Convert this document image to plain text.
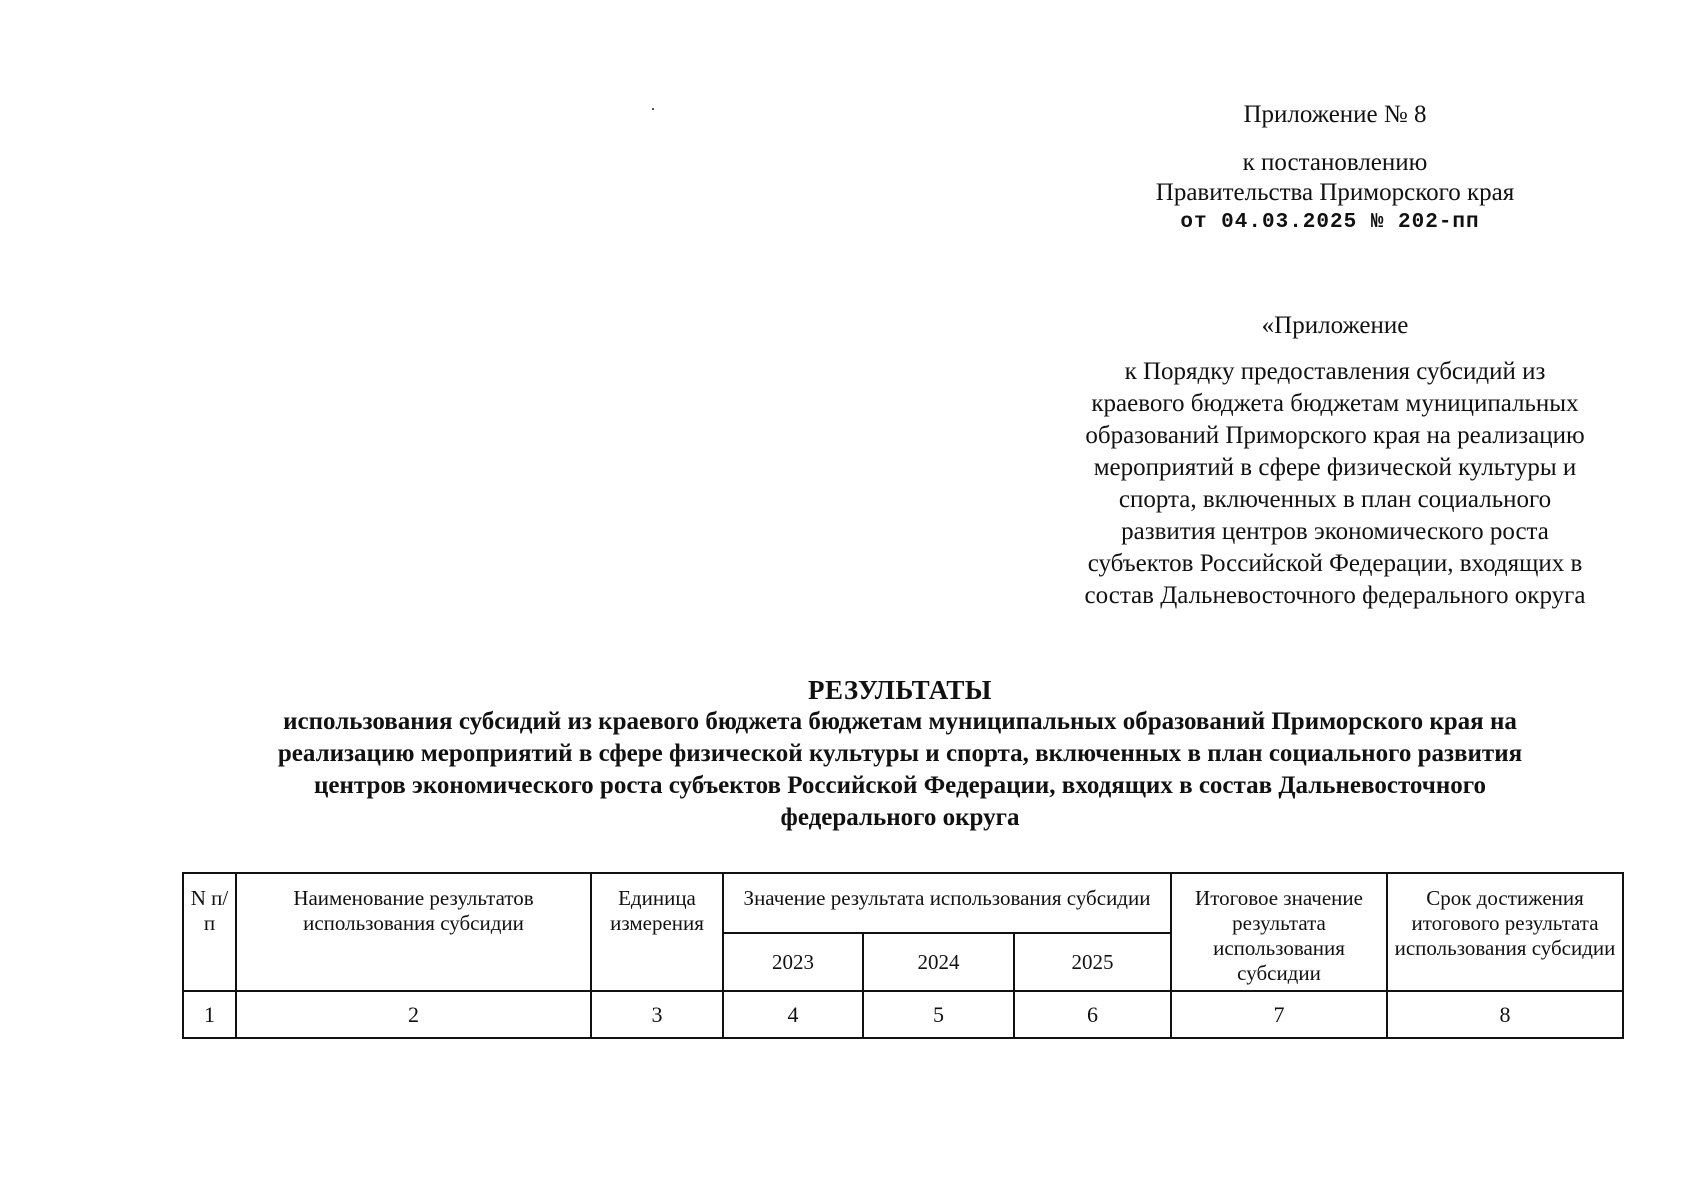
Приложение № 8
к постановлению
Правительства Приморского края
от 04.03.2025 № 202-пп
«Приложение
к Порядку предоставления субсидий из
краевого бюджета бюджетам муниципальных
образований Приморского края на реализацию
мероприятий в сфере физической культуры и
спорта, включенных в план социального
развития центров экономического роста
субъектов Российской Федерации, входящих в
состав Дальневосточного федерального округа
РЕЗУЛЬТАТЫ
использования субсидий из краевого бюджета бюджетам муниципальных образований Приморского края на
реализацию мероприятий в сфере физической культуры и спорта, включенных в план социального развития
центров экономического роста субъектов Российской Федерации, входящих в состав Дальневосточного
федерального округа
N п/п	Наименование результатов использования субсидии	Единица измерения	Значение результата использования субсидии			Итоговое значение результата использования субсидии	Срок достижения итогового результата использования субсидии
			2023	2024	2025		
1	2	3	4	5	6	7	8
